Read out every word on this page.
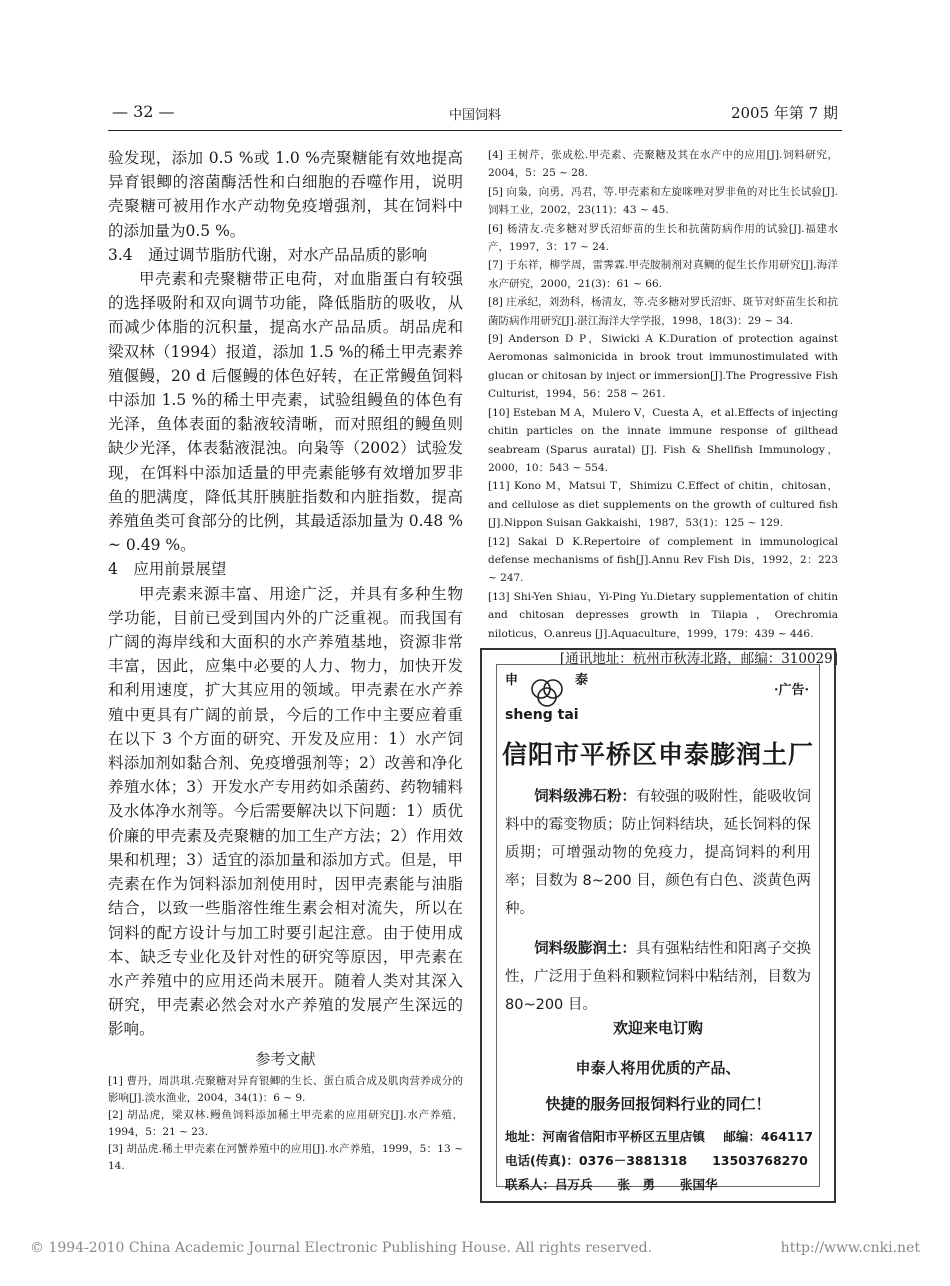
— 32 —	中国饲料	2005 年第 7 期

验发现，添加 0.5 %或 1.0 %壳聚糖能有效地提高异育银鲫的溶菌酶活性和白细胞的吞噬作用，说明壳聚糖可被用作水产动物免疫增强剂，其在饲料中的添加量为0.5 %。

3.4　通过调节脂肪代谢，对水产品品质的影响

甲壳素和壳聚糖带正电荷，对血脂蛋白有较强的选择吸附和双向调节功能，降低脂肪的吸收，从而减少体脂的沉积量，提高水产品品质。胡品虎和梁双林（1994）报道，添加 1.5 %的稀土甲壳素养殖偃鳗，20 d 后偃鳗的体色好转，在正常鳗鱼饲料中添加 1.5 %的稀土甲壳素，试验组鳗鱼的体色有光泽，鱼体表面的黏液较清晰，而对照组的鳗鱼则缺少光泽，体表黏液混浊。向枭等（2002）试验发现，在饵料中添加适量的甲壳素能够有效增加罗非鱼的肥满度，降低其肝胰脏指数和内脏指数，提高养殖鱼类可食部分的比例，其最适添加量为 0.48 % ~ 0.49 %。

4　应用前景展望

甲壳素来源丰富、用途广泛，并具有多种生物学功能，目前已受到国内外的广泛重视。而我国有广阔的海岸线和大面积的水产养殖基地，资源非常丰富，因此，应集中必要的人力、物力，加快开发和利用速度，扩大其应用的领域。甲壳素在水产养殖中更具有广阔的前景，今后的工作中主要应着重在以下 3 个方面的研究、开发及应用：1）水产饲料添加剂如黏合剂、免疫增强剂等；2）改善和净化养殖水体；3）开发水产专用药如杀菌药、药物辅料及水体净水剂等。今后需要解决以下问题：1）质优价廉的甲壳素及壳聚糖的加工生产方法；2）作用效果和机理；3）适宜的添加量和添加方式。但是，甲壳素在作为饲料添加剂使用时，因甲壳素能与油脂结合，以致一些脂溶性维生素会相对流失，所以在饲料的配方设计与加工时要引起注意。由于使用成本、缺乏专业化及针对性的研究等原因，甲壳素在水产养殖中的应用还尚未展开。随着人类对其深入研究，甲壳素必然会对水产养殖的发展产生深远的影响。

参考文献

[1] 曹丹，周洪琪.壳聚糖对异育银鲫的生长、蛋白质合成及肌肉营养成分的影响[J].淡水渔业，2004，34(1)：6 ~ 9.

[2] 胡品虎，梁双林.鳗鱼饲料添加稀土甲壳素的应用研究[J].水产养殖，1994，5：21 ~ 23.

[3] 胡品虎.稀土甲壳素在河蟹养殖中的应用[J].水产养殖，1999，5：13 ~ 14.

[4] 王树芹，张成松.甲壳素、壳聚糖及其在水产中的应用[J].饲料研究，2004，5：25 ~ 28.

[5] 向枭，向勇，冯君，等.甲壳素和左旋咪唑对罗非鱼的对比生长试验[J].饲料工业，2002，23(11)：43 ~ 45.

[6] 杨清友.壳多糖对罗氏沼虾苗的生长和抗菌防病作用的试验[J].福建水产，1997，3：17 ~ 24.

[7] 于东祥，柳学周，雷霁霖.甲壳胺制剂对真鲷的促生长作用研究[J].海洋水产研究，2000，21(3)：61 ~ 66.

[8] 庄承纪，刘劲科，杨清友，等.壳多糖对罗氏沼虾、斑节对虾苗生长和抗菌防病作用研究[J].湛江海洋大学学报，1998，18(3)：29 ~ 34.

[9] Anderson D P，Siwicki A K.Duration of protection against Aeromonas salmonicida in brook trout immunostimulated with glucan or chitosan by inject or immersion[J].The Progressive Fish Culturist，1994，56：258 ~ 261.

[10] Esteban M A，Mulero V，Cuesta A，et al.Effects of injecting chitin particles on the innate immune response of gilthead seabream (Sparus auratal) [J]. Fish & Shellfish Immunology，2000，10：543 ~ 554.

[11] Kono M，Matsui T，Shimizu C.Effect of chitin，chitosan，and cellulose as diet supplements on the growth of cultured fish [J].Nippon Suisan Gakkaishi，1987，53(1)：125 ~ 129.

[12] Sakai D K.Repertoire of complement in immunological defense mechanisms of fish[J].Annu Rev Fish Dis，1992，2：223 ~ 247.

[13] Shi-Yen Shiau，Yi-Ping Yu.Dietary supplementation of chitin and chitosan depresses growth in Tilapia，Orechromia niloticus，O.anreus [J].Aquaculture，1999，179：439 ~ 446.

[通讯地址：杭州市秋涛北路，邮编：310029]
申	泰
sheng tai
·广告·
信阳市平桥区申泰膨润土厂
饲料级沸石粉：有较强的吸附性，能吸收饲料中的霉变物质；防止饲料结块，延长饲料的保质期；可增强动物的免疫力，提高饲料的利用率；目数为 8~200 目，颜色有白色、淡黄色两种。
饲料级膨润土：具有强粘结性和阳离子交换性，广泛用于鱼料和颗粒饲料中粘结剂，目数为 80~200 目。
欢迎来电订购
申泰人将用优质的产品、
快捷的服务回报饲料行业的同仁！
地址：河南省信阳市平桥区五里店镇 邮编：464117
电话(传真)：0376－3881318　　13503768270
联系人：吕万兵　　张　勇　　张国华
© 1994-2010 China Academic Journal Electronic Publishing House. All rights reserved.	http://www.cnki.net
